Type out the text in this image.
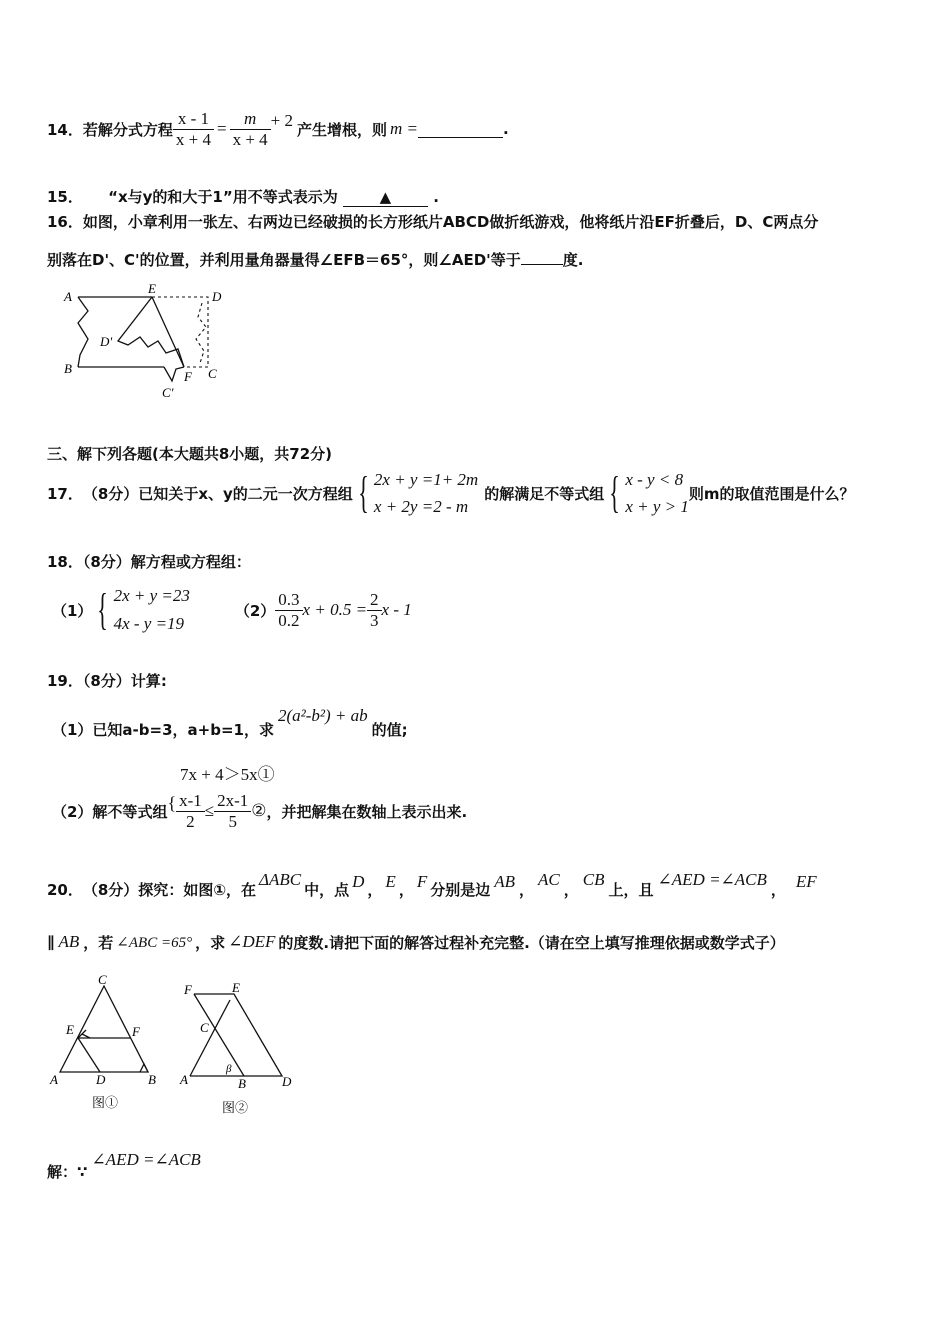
14． 若解分式方程 $\frac{x - 1}{x + 4} = \frac{m}{x + 4} + 2$ 产生增根，则 m =	.
15． “x与y的和大于1”用不等式表示为	▲	.
16．如图，小章利用一张左、右两边已经破损的长方形纸片ABCD做折纸游戏，他将纸片沿EF折叠后，D、C两点分
别落在D'、C'的位置，并利用量角器量得∠EFB＝65°，则∠AED'等于	度.
A
B	C
D
E
F
D'
C'
三、解下列各题(本大题共8小题，共72分)
17． （8分）已知关于x、y的二元一次方程组 { 2x + y =1+ 2m
x + 2y =2 - m
的解满足不等式组 { x - y < 8
x + y > 1
则m的取值范围是什么？
18．（8分）解方程或方程组：
（1） { 2x + y =23
4x - y =19
$(2) \frac{0.3}{0.2}$ $x + 0.5 = \frac{2}{3}$ x - 1
19．（8分）计算:
（1）已知a-b=3，a+b=1，求
2(a²-b²) + ab
的值;
7x + 4＞5x①
（2）解不等式组 { $\frac{x-1}{2} \le \frac{2x-1}{5}$ ② ，并把解集在数轴上表示出来.
20． （8分）探究：如图①，在
ΔABC
中，点 D ， E ， F 分别是边 AB ，
AC
，
CB
上，且
∠AED =∠ACB
， EF
∥ AB ，若 ∠ABC =65° ，求 ∠DEF 的度数.请把下面的解答过程补充完整.（请在空上填写推理依据或数学式子）
C
E	F
A	D	B
图①
F	E
C
A	B	D
β
图②
解：∵
∠AED =∠ACB
